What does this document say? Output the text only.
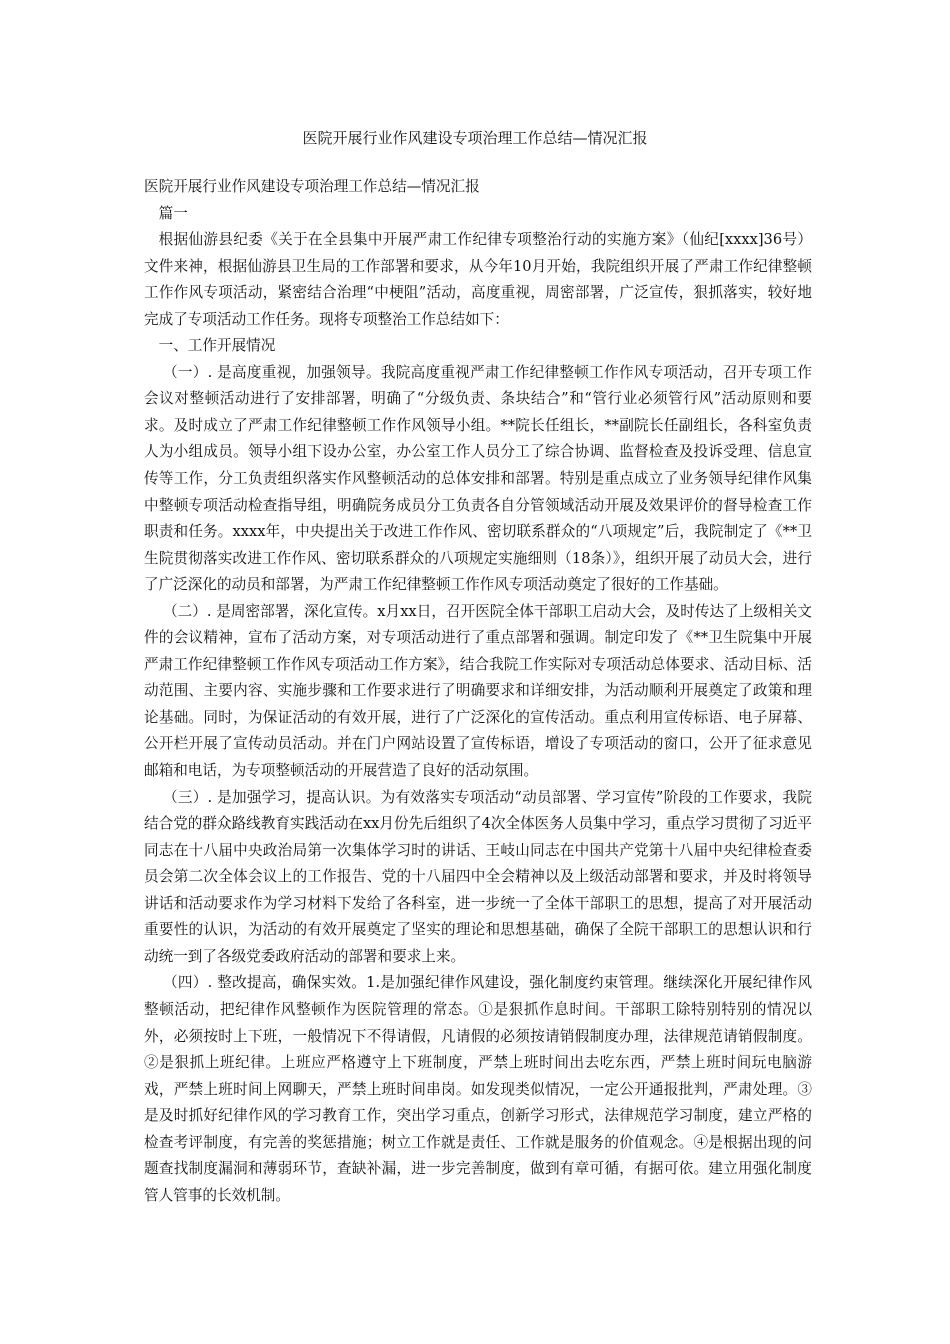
医院开展行业作风建设专项治理工作总结—情况汇报

医院开展行业作风建设专项治理工作总结—情况汇报

篇一

根据仙游县纪委《关于在全县集中开展严肃工作纪律专项整治行动的实施方案》（仙纪[xxxx]36号）文件来神，根据仙游县卫生局的工作部署和要求，从今年10月开始，我院组织开展了严肃工作纪律整顿工作作风专项活动，紧密结合治理“中梗阻”活动，高度重视，周密部署，广泛宣传，狠抓落实，较好地完成了专项活动工作任务。现将专项整治工作总结如下：

一、工作开展情况

（一）. 是高度重视，加强领导。我院高度重视严肃工作纪律整顿工作作风专项活动，召开专项工作会议对整顿活动进行了安排部署，明确了“分级负责、条块结合”和“管行业必须管行风”活动原则和要求。及时成立了严肃工作纪律整顿工作作风领导小组。**院长任组长，**副院长任副组长，各科室负责人为小组成员。领导小组下设办公室，办公室工作人员分工了综合协调、监督检查及投诉受理、信息宣传等工作，分工负责组织落实作风整顿活动的总体安排和部署。特别是重点成立了业务领导纪律作风集中整顿专项活动检查指导组，明确院务成员分工负责各自分管领域活动开展及效果评价的督导检查工作职责和任务。xxxx年，中央提出关于改进工作作风、密切联系群众的“八项规定”后，我院制定了《**卫生院贯彻落实改进工作作风、密切联系群众的八项规定实施细则（18条）》，组织开展了动员大会，进行了广泛深化的动员和部署，为严肃工作纪律整顿工作作风专项活动奠定了很好的工作基础。

（二）. 是周密部署，深化宣传。x月xx日，召开医院全体干部职工启动大会，及时传达了上级相关文件的会议精神，宣布了活动方案，对专项活动进行了重点部署和强调。制定印发了《**卫生院集中开展严肃工作纪律整顿工作作风专项活动工作方案》，结合我院工作实际对专项活动总体要求、活动目标、活动范围、主要内容、实施步骤和工作要求进行了明确要求和详细安排，为活动顺利开展奠定了政策和理论基础。同时，为保证活动的有效开展，进行了广泛深化的宣传活动。重点利用宣传标语、电子屏幕、公开栏开展了宣传动员活动。并在门户网站设置了宣传标语，增设了专项活动的窗口，公开了征求意见邮箱和电话，为专项整顿活动的开展营造了良好的活动氛围。

（三）. 是加强学习，提高认识。为有效落实专项活动“动员部署、学习宣传”阶段的工作要求，我院结合党的群众路线教育实践活动在xx月份先后组织了4次全体医务人员集中学习，重点学习贯彻了习近平同志在十八届中央政治局第一次集体学习时的讲话、王岐山同志在中国共产党第十八届中央纪律检查委员会第二次全体会议上的工作报告、党的十八届四中全会精神以及上级活动部署和要求，并及时将领导讲话和活动要求作为学习材料下发给了各科室，进一步统一了全体干部职工的思想，提高了对开展活动重要性的认识，为活动的有效开展奠定了坚实的理论和思想基础，确保了全院干部职工的思想认识和行动统一到了各级党委政府活动的部署和要求上来。

（四）. 整改提高，确保实效。1.是加强纪律作风建设，强化制度约束管理。继续深化开展纪律作风整顿活动，把纪律作风整顿作为医院管理的常态。①是狠抓作息时间。干部职工除特别特别的情况以外，必须按时上下班，一般情况下不得请假，凡请假的必须按请销假制度办理，法律规范请销假制度。②是狠抓上班纪律。上班应严格遵守上下班制度，严禁上班时间出去吃东西，严禁上班时间玩电脑游戏，严禁上班时间上网聊天，严禁上班时间串岗。如发现类似情况，一定公开通报批判，严肃处理。③是及时抓好纪律作风的学习教育工作，突出学习重点，创新学习形式，法律规范学习制度，建立严格的检查考评制度，有完善的奖惩措施；树立工作就是责任、工作就是服务的价值观念。④是根据出现的问题查找制度漏洞和薄弱环节，查缺补漏，进一步完善制度，做到有章可循，有据可依。建立用强化制度管人管事的长效机制。
